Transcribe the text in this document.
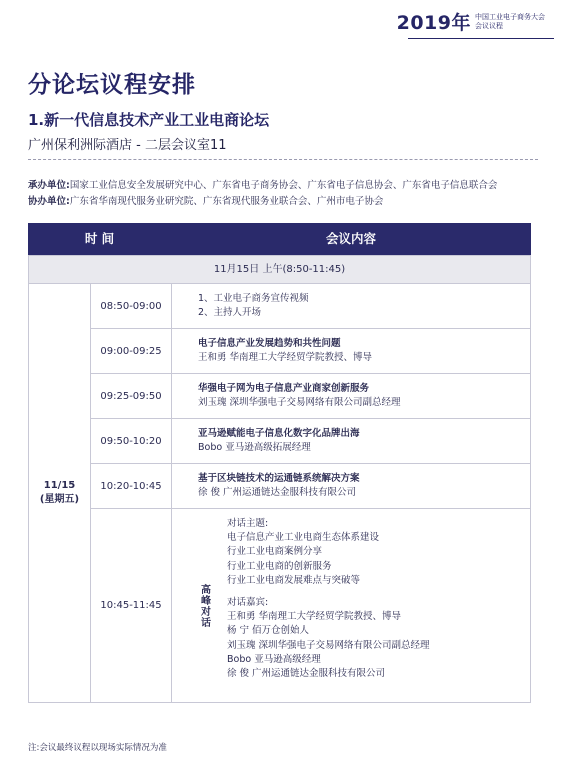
2019年 中国工业电子商务大会
会议议程
分论坛议程安排
1.新一代信息技术产业工业电商论坛
广州保利洲际酒店 - 二层会议室11
承办单位:国家工业信息安全发展研究中心、广东省电子商务协会、广东省电子信息协会、广东省电子信息联合会
协办单位:广东省华南现代服务业研究院、广东省现代服务业联合会、广州市电子协会
时 间	会议内容
11月15日 上午(8:50-11:45)
11/15
(星期五)
08:50-09:00
1、工业电子商务宣传视频
2、主持人开场
09:00-09:25
电子信息产业发展趋势和共性问题
王和勇 华南理工大学经贸学院教授、博导
09:25-09:50
华强电子网为电子信息产业商家创新服务
刘玉瑰 深圳华强电子交易网络有限公司副总经理
09:50-10:20
亚马逊赋能电子信息化数字化品牌出海
Bobo 亚马逊高级拓展经理
10:20-10:45
基于区块链技术的运通链系统解决方案
徐 俊 广州运通链达金服科技有限公司
10:45-11:45	高峰对话
对话主题:
电子信息产业工业电商生态体系建设
行业工业电商案例分享
行业工业电商的创新服务
行业工业电商发展难点与突破等
对话嘉宾:
王和勇 华南理工大学经贸学院教授、博导
杨 宁 佰万仓创始人
刘玉瑰 深圳华强电子交易网络有限公司副总经理
Bobo 亚马逊高级经理
徐 俊 广州运通链达金服科技有限公司
注:会议最终议程以现场实际情况为准
